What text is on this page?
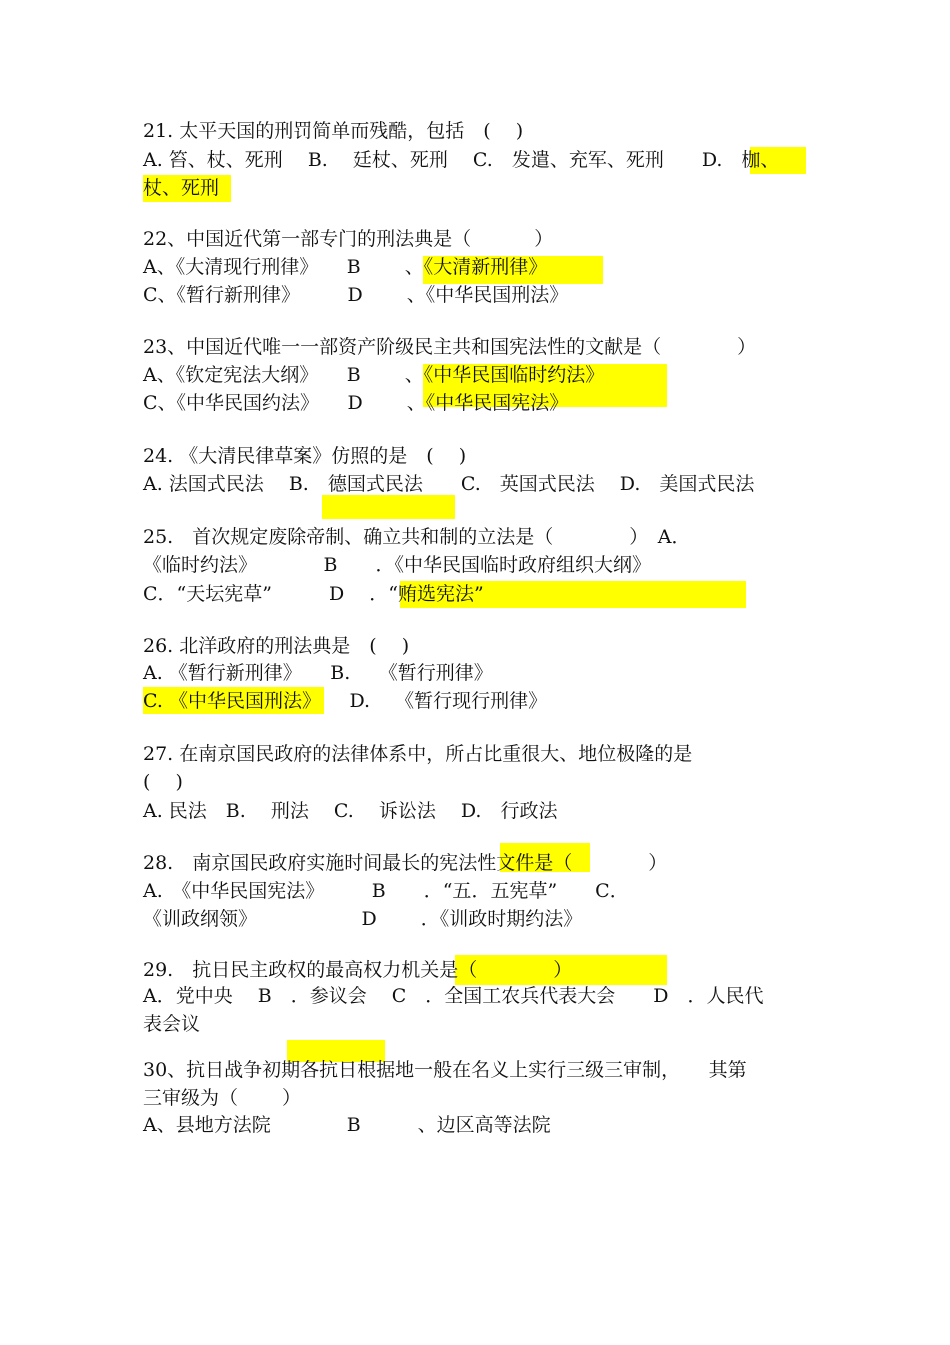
21. 太平天国的刑罚简单而残酷，包括　(　 )
A. 笞、杖、死刑　 B.　 廷杖、死刑　 C.　发遣、充军、死刑　　D.　枷、
杖、死刑
22、中国近代第一部专门的刑法典是（　　　 ）
A、《大清现行刑律》　　B　　 、《大清新刑律》
C、《暂行新刑律》　　　D　　 、《中华民国刑法》
23、中国近代唯一一部资产阶级民主共和国宪法性的文献是（　　　　）
A、《钦定宪法大纲》　　B　　 、《中华民国临时约法》
C、《中华民国约法》　　D　　 、《中华民国宪法》
24. 《大清民律草案》仿照的是　(　 )
A. 法国式民法　 B.　德国式民法　　C.　英国式民法　 D.　美国式民法
25.　首次规定废除帝制、确立共和制的立法是（　　　　）　A．
《临时约法》　　　　B　　．《中华民国临时政府组织大纲》
C．“天坛宪草”　　　D　 ．“贿选宪法”
26. 北洋政府的刑法典是　(　 )
A. 《暂行新刑律》　　B.　　《暂行刑律》
C. 《中华民国刑法》　　D.　 《暂行现行刑律》
27. 在南京国民政府的法律体系中，所占比重很大、地位极隆的是
(　 )
A. 民法　B.　 刑法　 C.　 诉讼法　 D.　行政法
28.　南京国民政府实施时间最长的宪法性文件是（　　　　）
A.　《中华民国宪法》　　　B　　．“五．五宪草”　　C．
《训政纲领》　　　　　　D　　 ．《训政时期约法》
29.　抗日民主政权的最高权力机关是（　　　　）
A．党中央　 B　．参议会　 C　．全国工农兵代表大会　　D　．人民代
表会议
30、抗日战争初期各抗日根据地一般在名义上实行三级三审制，　　其第
三审级为（　　 ）
A、县地方法院　　　　B　　　、边区高等法院
